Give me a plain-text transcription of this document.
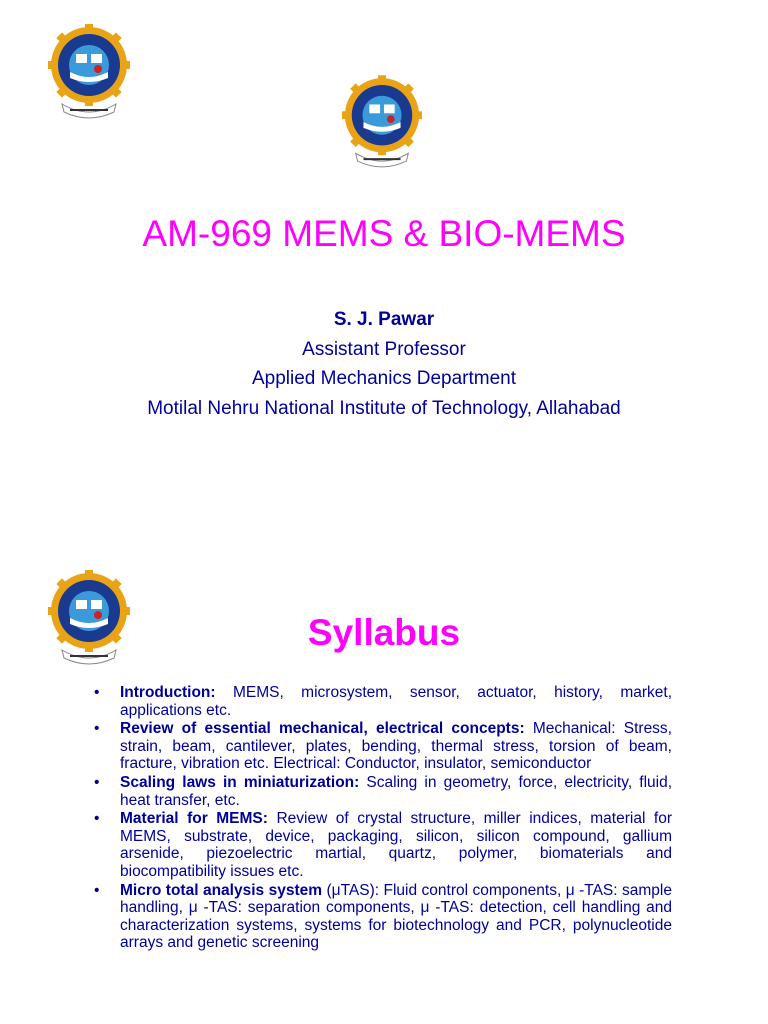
AM-969 MEMS & BIO-MEMS
S. J. Pawar
Assistant Professor
Applied Mechanics Department
Motilal Nehru National Institute of Technology, Allahabad
Syllabus
• Introduction: MEMS, microsystem, sensor, actuator, history, market, applications etc.
• Review of essential mechanical, electrical concepts: Mechanical: Stress, strain, beam, cantilever, plates, bending, thermal stress, torsion of beam, fracture, vibration etc. Electrical: Conductor, insulator, semiconductor
• Scaling laws in miniaturization: Scaling in geometry, force, electricity, fluid, heat transfer, etc.
• Material for MEMS: Review of crystal structure, miller indices, material for MEMS, substrate, device, packaging, silicon, silicon compound, gallium arsenide, piezoelectric martial, quartz, polymer, biomaterials and biocompatibility issues etc.
• Micro total analysis system (μTAS): Fluid control components, μ -TAS: sample handling, μ -TAS: separation components, μ -TAS: detection, cell handling and characterization systems, systems for biotechnology and PCR, polynucleotide arrays and genetic screening
